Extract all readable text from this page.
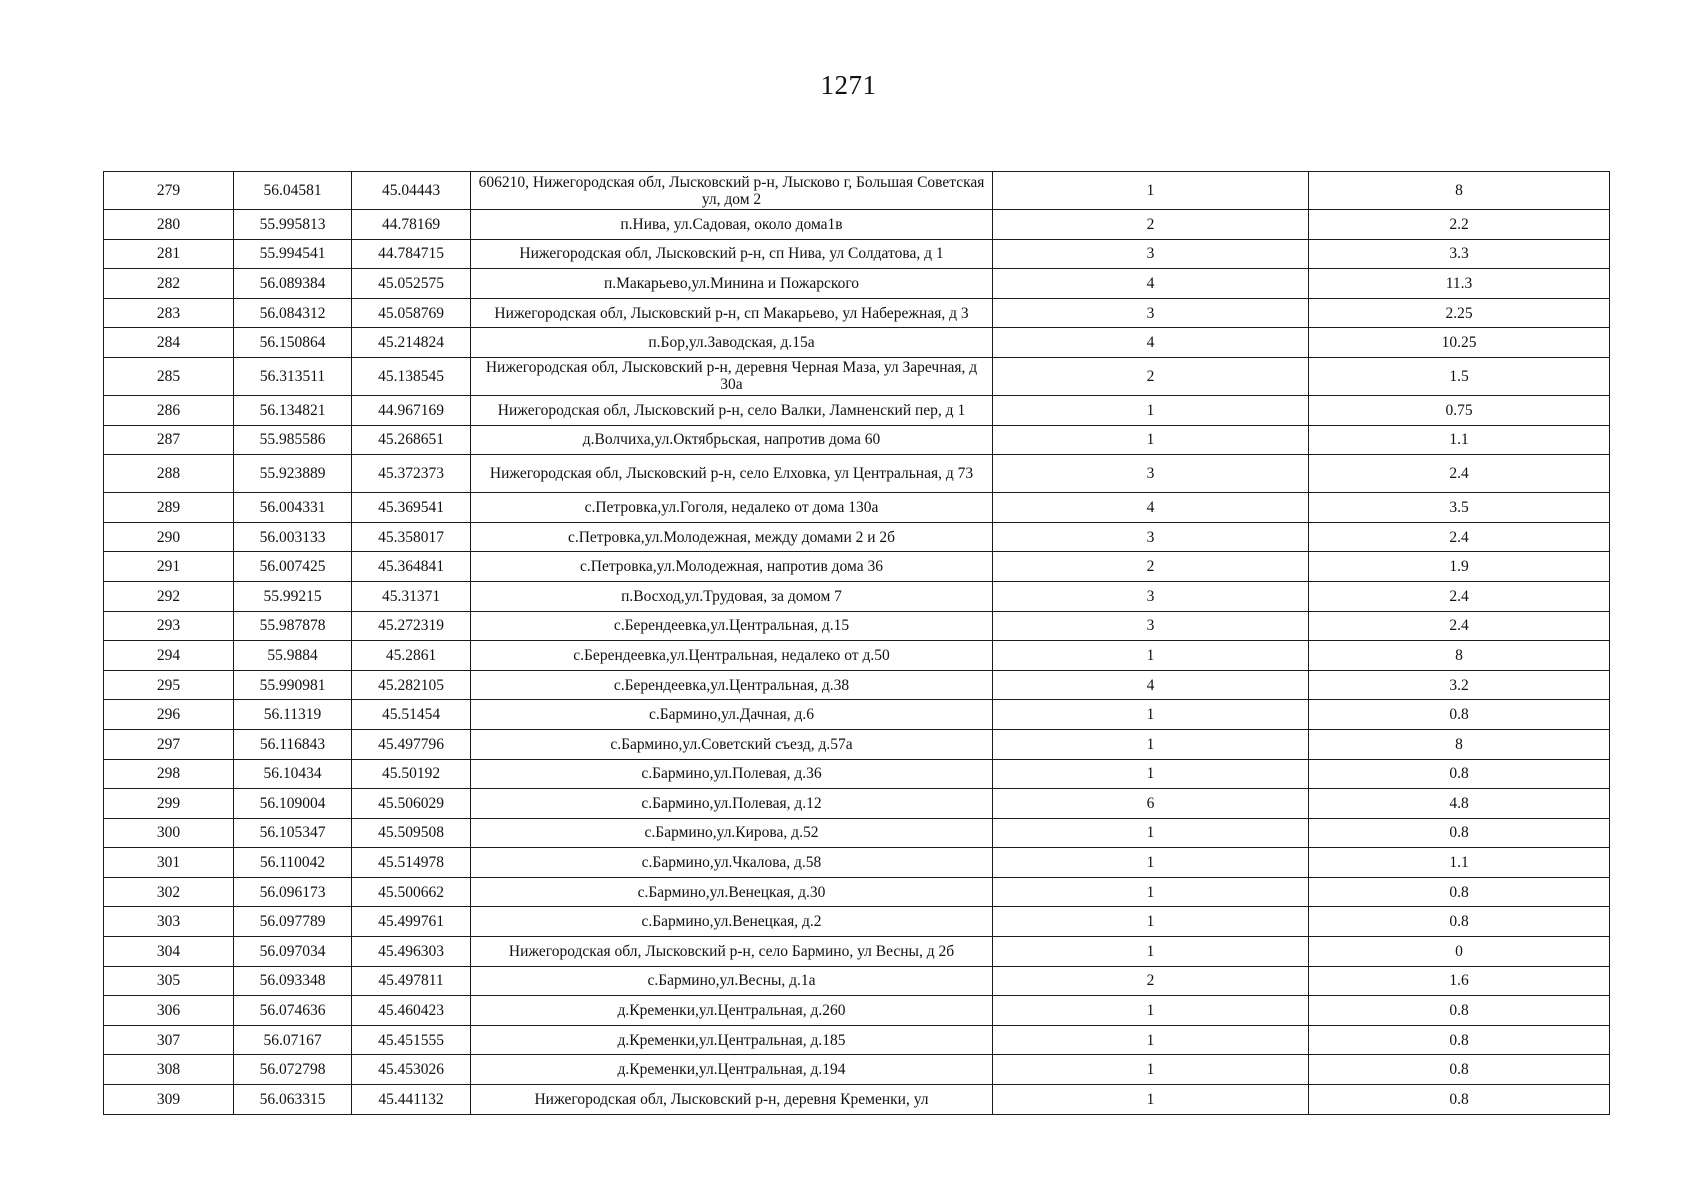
1271
279	56.04581	45.04443	606210, Нижегородская обл, Лысковский р-н, Лысково г, Большая Советская ул, дом 2	1	8
280	55.995813	44.78169	п.Нива, ул.Садовая, около дома1в	2	2.2
281	55.994541	44.784715	Нижегородская обл, Лысковский р-н, сп Нива, ул Солдатова, д 1	3	3.3
282	56.089384	45.052575	п.Макарьево,ул.Минина и Пожарского	4	11.3
283	56.084312	45.058769	Нижегородская обл, Лысковский р-н, сп Макарьево, ул Набережная, д 3	3	2.25
284	56.150864	45.214824	п.Бор,ул.Заводская, д.15а	4	10.25
285	56.313511	45.138545	Нижегородская обл, Лысковский р-н, деревня Черная Маза, ул Заречная, д 30а	2	1.5
286	56.134821	44.967169	Нижегородская обл, Лысковский р-н, село Валки, Ламненский пер, д 1	1	0.75
287	55.985586	45.268651	д.Волчиха,ул.Октябрьская, напротив дома 60	1	1.1
288	55.923889	45.372373	Нижегородская обл, Лысковский р-н, село Елховка, ул Центральная, д 73	3	2.4
289	56.004331	45.369541	с.Петровка,ул.Гоголя, недалеко от дома 130а	4	3.5
290	56.003133	45.358017	с.Петровка,ул.Молодежная, между домами 2 и 2б	3	2.4
291	56.007425	45.364841	с.Петровка,ул.Молодежная, напротив дома 36	2	1.9
292	55.99215	45.31371	п.Восход,ул.Трудовая, за домом 7	3	2.4
293	55.987878	45.272319	с.Берендеевка,ул.Центральная, д.15	3	2.4
294	55.9884	45.2861	с.Берендеевка,ул.Центральная, недалеко от д.50	1	8
295	55.990981	45.282105	с.Берендеевка,ул.Центральная, д.38	4	3.2
296	56.11319	45.51454	с.Бармино,ул.Дачная, д.6	1	0.8
297	56.116843	45.497796	с.Бармино,ул.Советский съезд, д.57а	1	8
298	56.10434	45.50192	с.Бармино,ул.Полевая, д.36	1	0.8
299	56.109004	45.506029	с.Бармино,ул.Полевая, д.12	6	4.8
300	56.105347	45.509508	с.Бармино,ул.Кирова, д.52	1	0.8
301	56.110042	45.514978	с.Бармино,ул.Чкалова, д.58	1	1.1
302	56.096173	45.500662	с.Бармино,ул.Венецкая, д.30	1	0.8
303	56.097789	45.499761	с.Бармино,ул.Венецкая, д.2	1	0.8
304	56.097034	45.496303	Нижегородская обл, Лысковский р-н, село Бармино, ул Весны, д 2б	1	0
305	56.093348	45.497811	с.Бармино,ул.Весны, д.1а	2	1.6
306	56.074636	45.460423	д.Кременки,ул.Центральная, д.260	1	0.8
307	56.07167	45.451555	д.Кременки,ул.Центральная, д.185	1	0.8
308	56.072798	45.453026	д.Кременки,ул.Центральная, д.194	1	0.8
309	56.063315	45.441132	Нижегородская обл, Лысковский р-н, деревня Кременки, ул	1	0.8
